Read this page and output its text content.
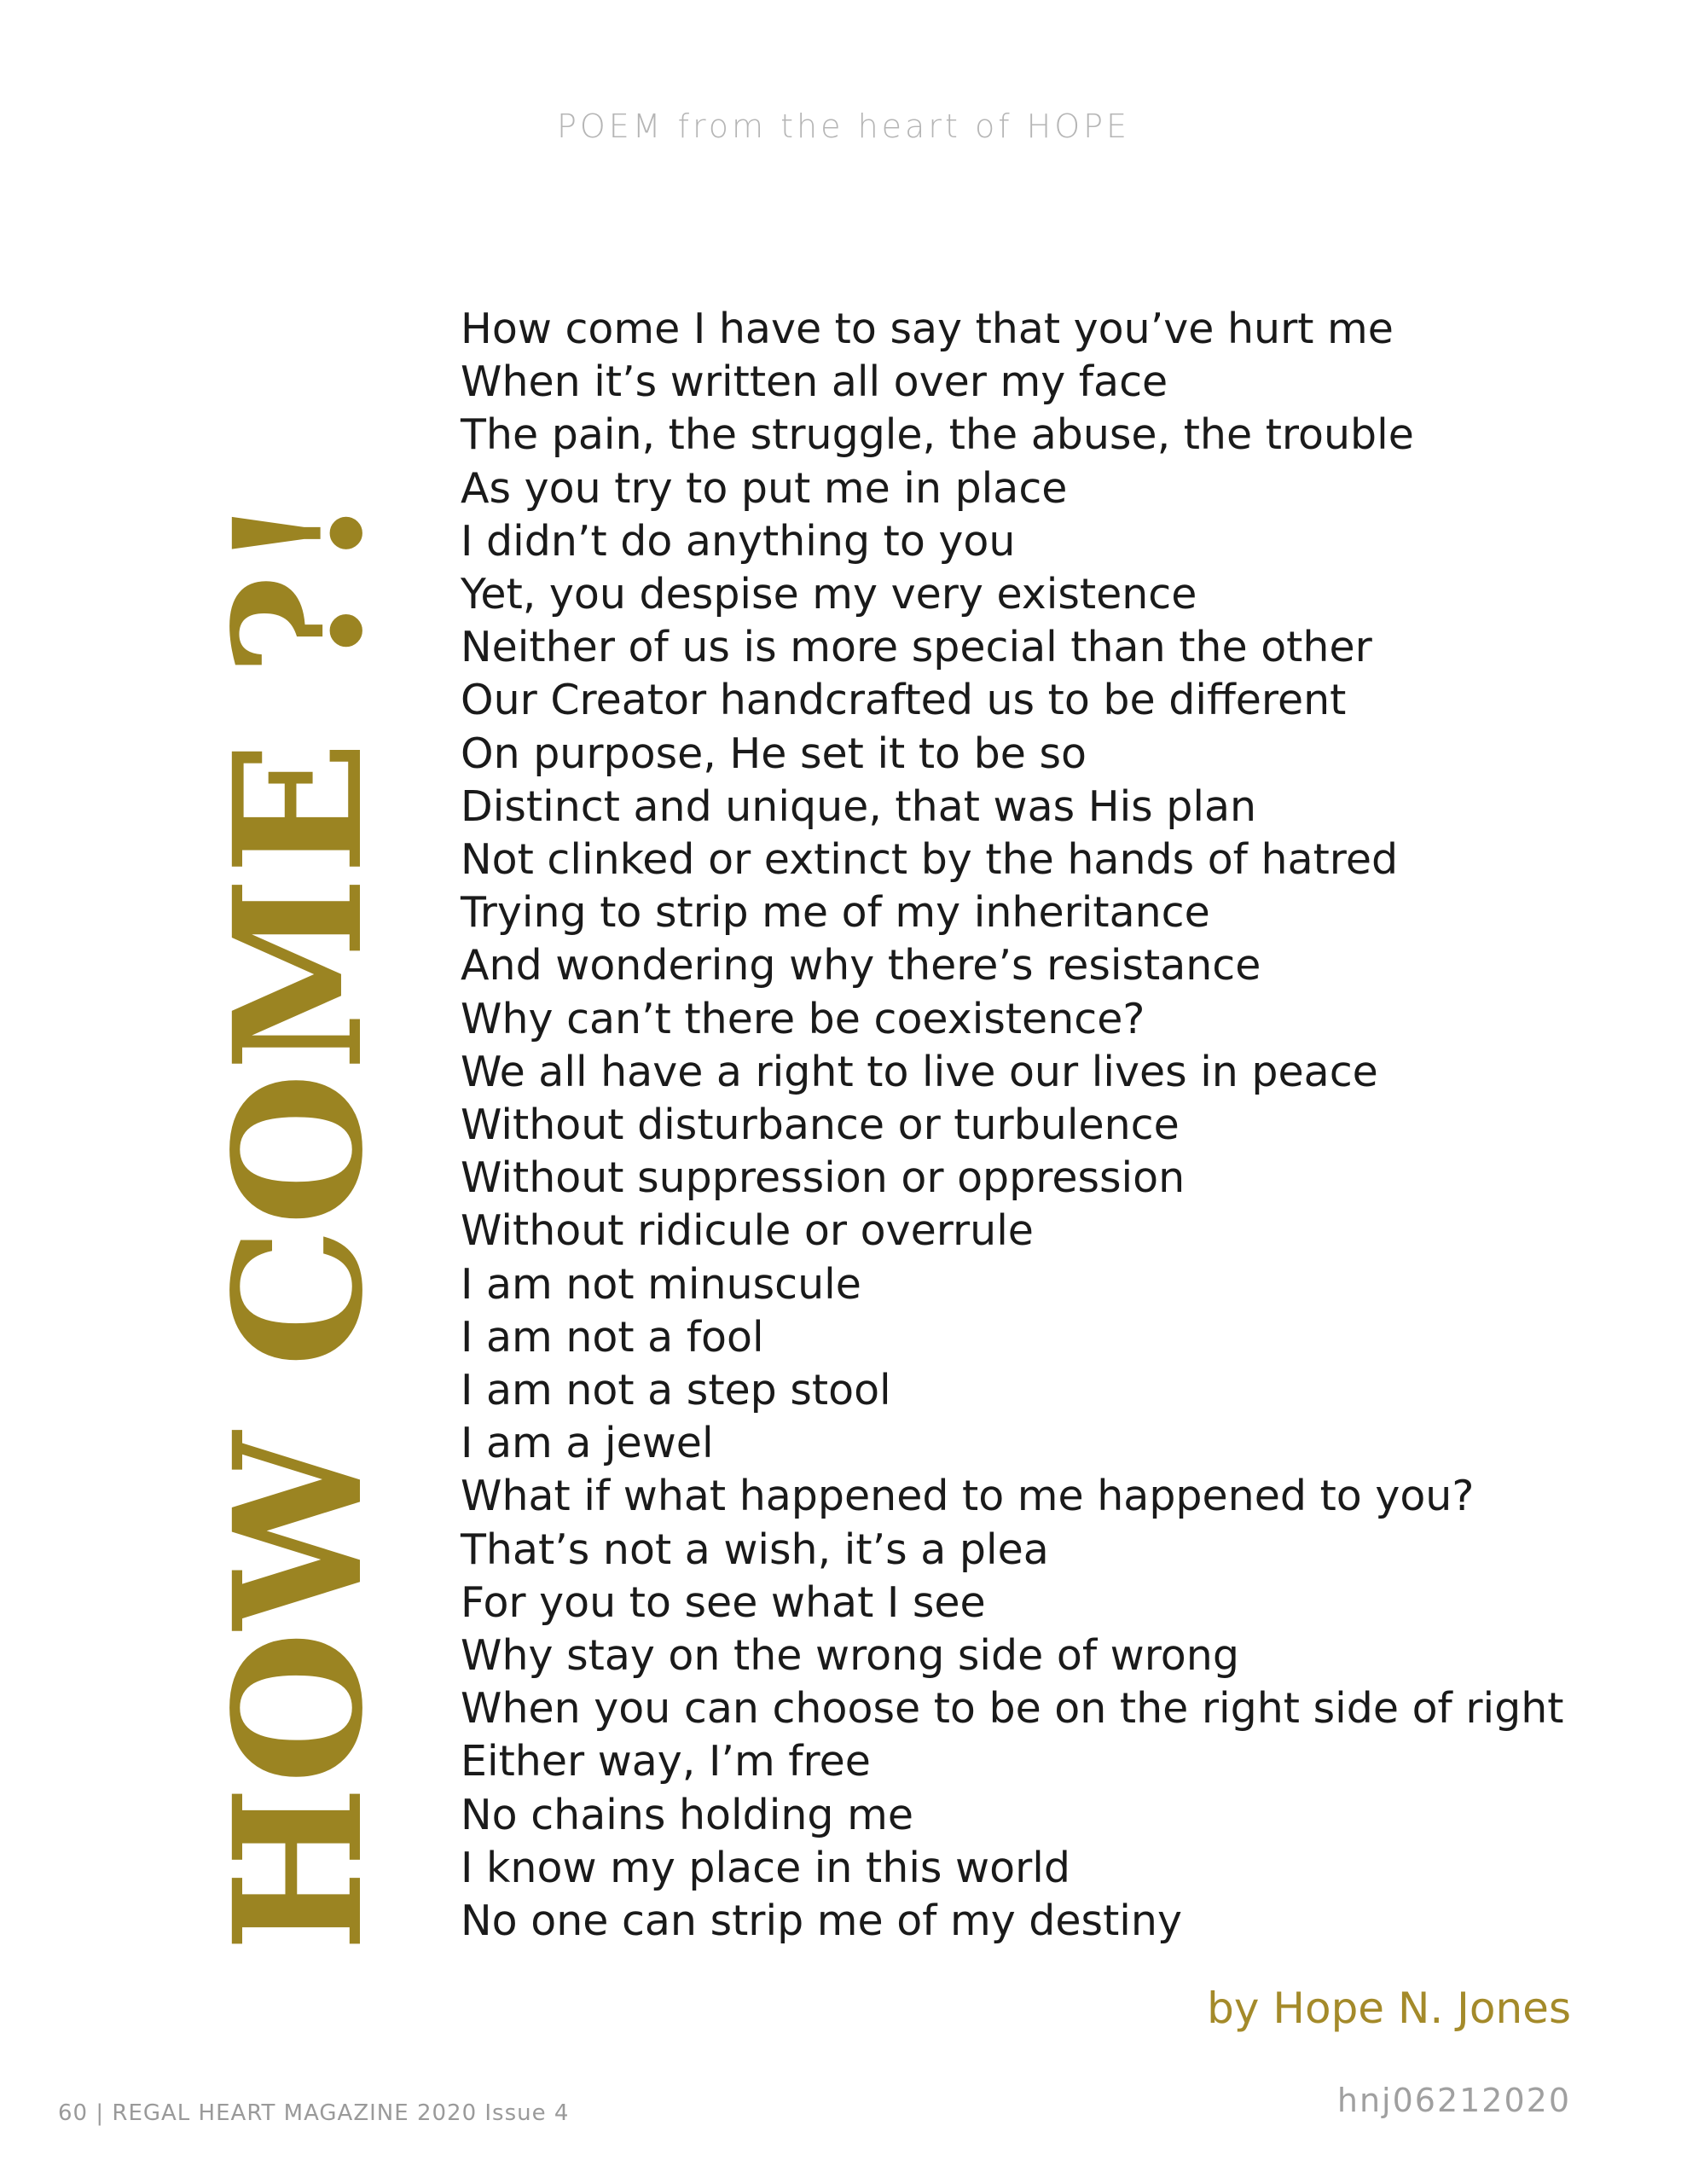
POEM from the heart of HOPE
HOW COME ?!
How come I have to say that you’ve hurt me
When it’s written all over my face
The pain, the struggle, the abuse, the trouble
As you try to put me in place
I didn’t do anything to you
Yet, you despise my very existence
Neither of us is more special than the other
Our Creator handcrafted us to be different
On purpose, He set it to be so
Distinct and unique, that was His plan
Not clinked or extinct by the hands of hatred
Trying to strip me of my inheritance
And wondering why there’s resistance
Why can’t there be coexistence?
We all have a right to live our lives in peace
Without disturbance or turbulence
Without suppression or oppression
Without ridicule or overrule
I am not minuscule
I am not a fool
I am not a step stool
I am a jewel
What if what happened to me happened to you?
That’s not a wish, it’s a plea
For you to see what I see
Why stay on the wrong side of wrong
When you can choose to be on the right side of right
Either way, I’m free
No chains holding me
I know my place in this world
No one can strip me of my destiny
by Hope N. Jones
60 | REGAL HEART MAGAZINE 2020 Issue 4	hnj06212020
